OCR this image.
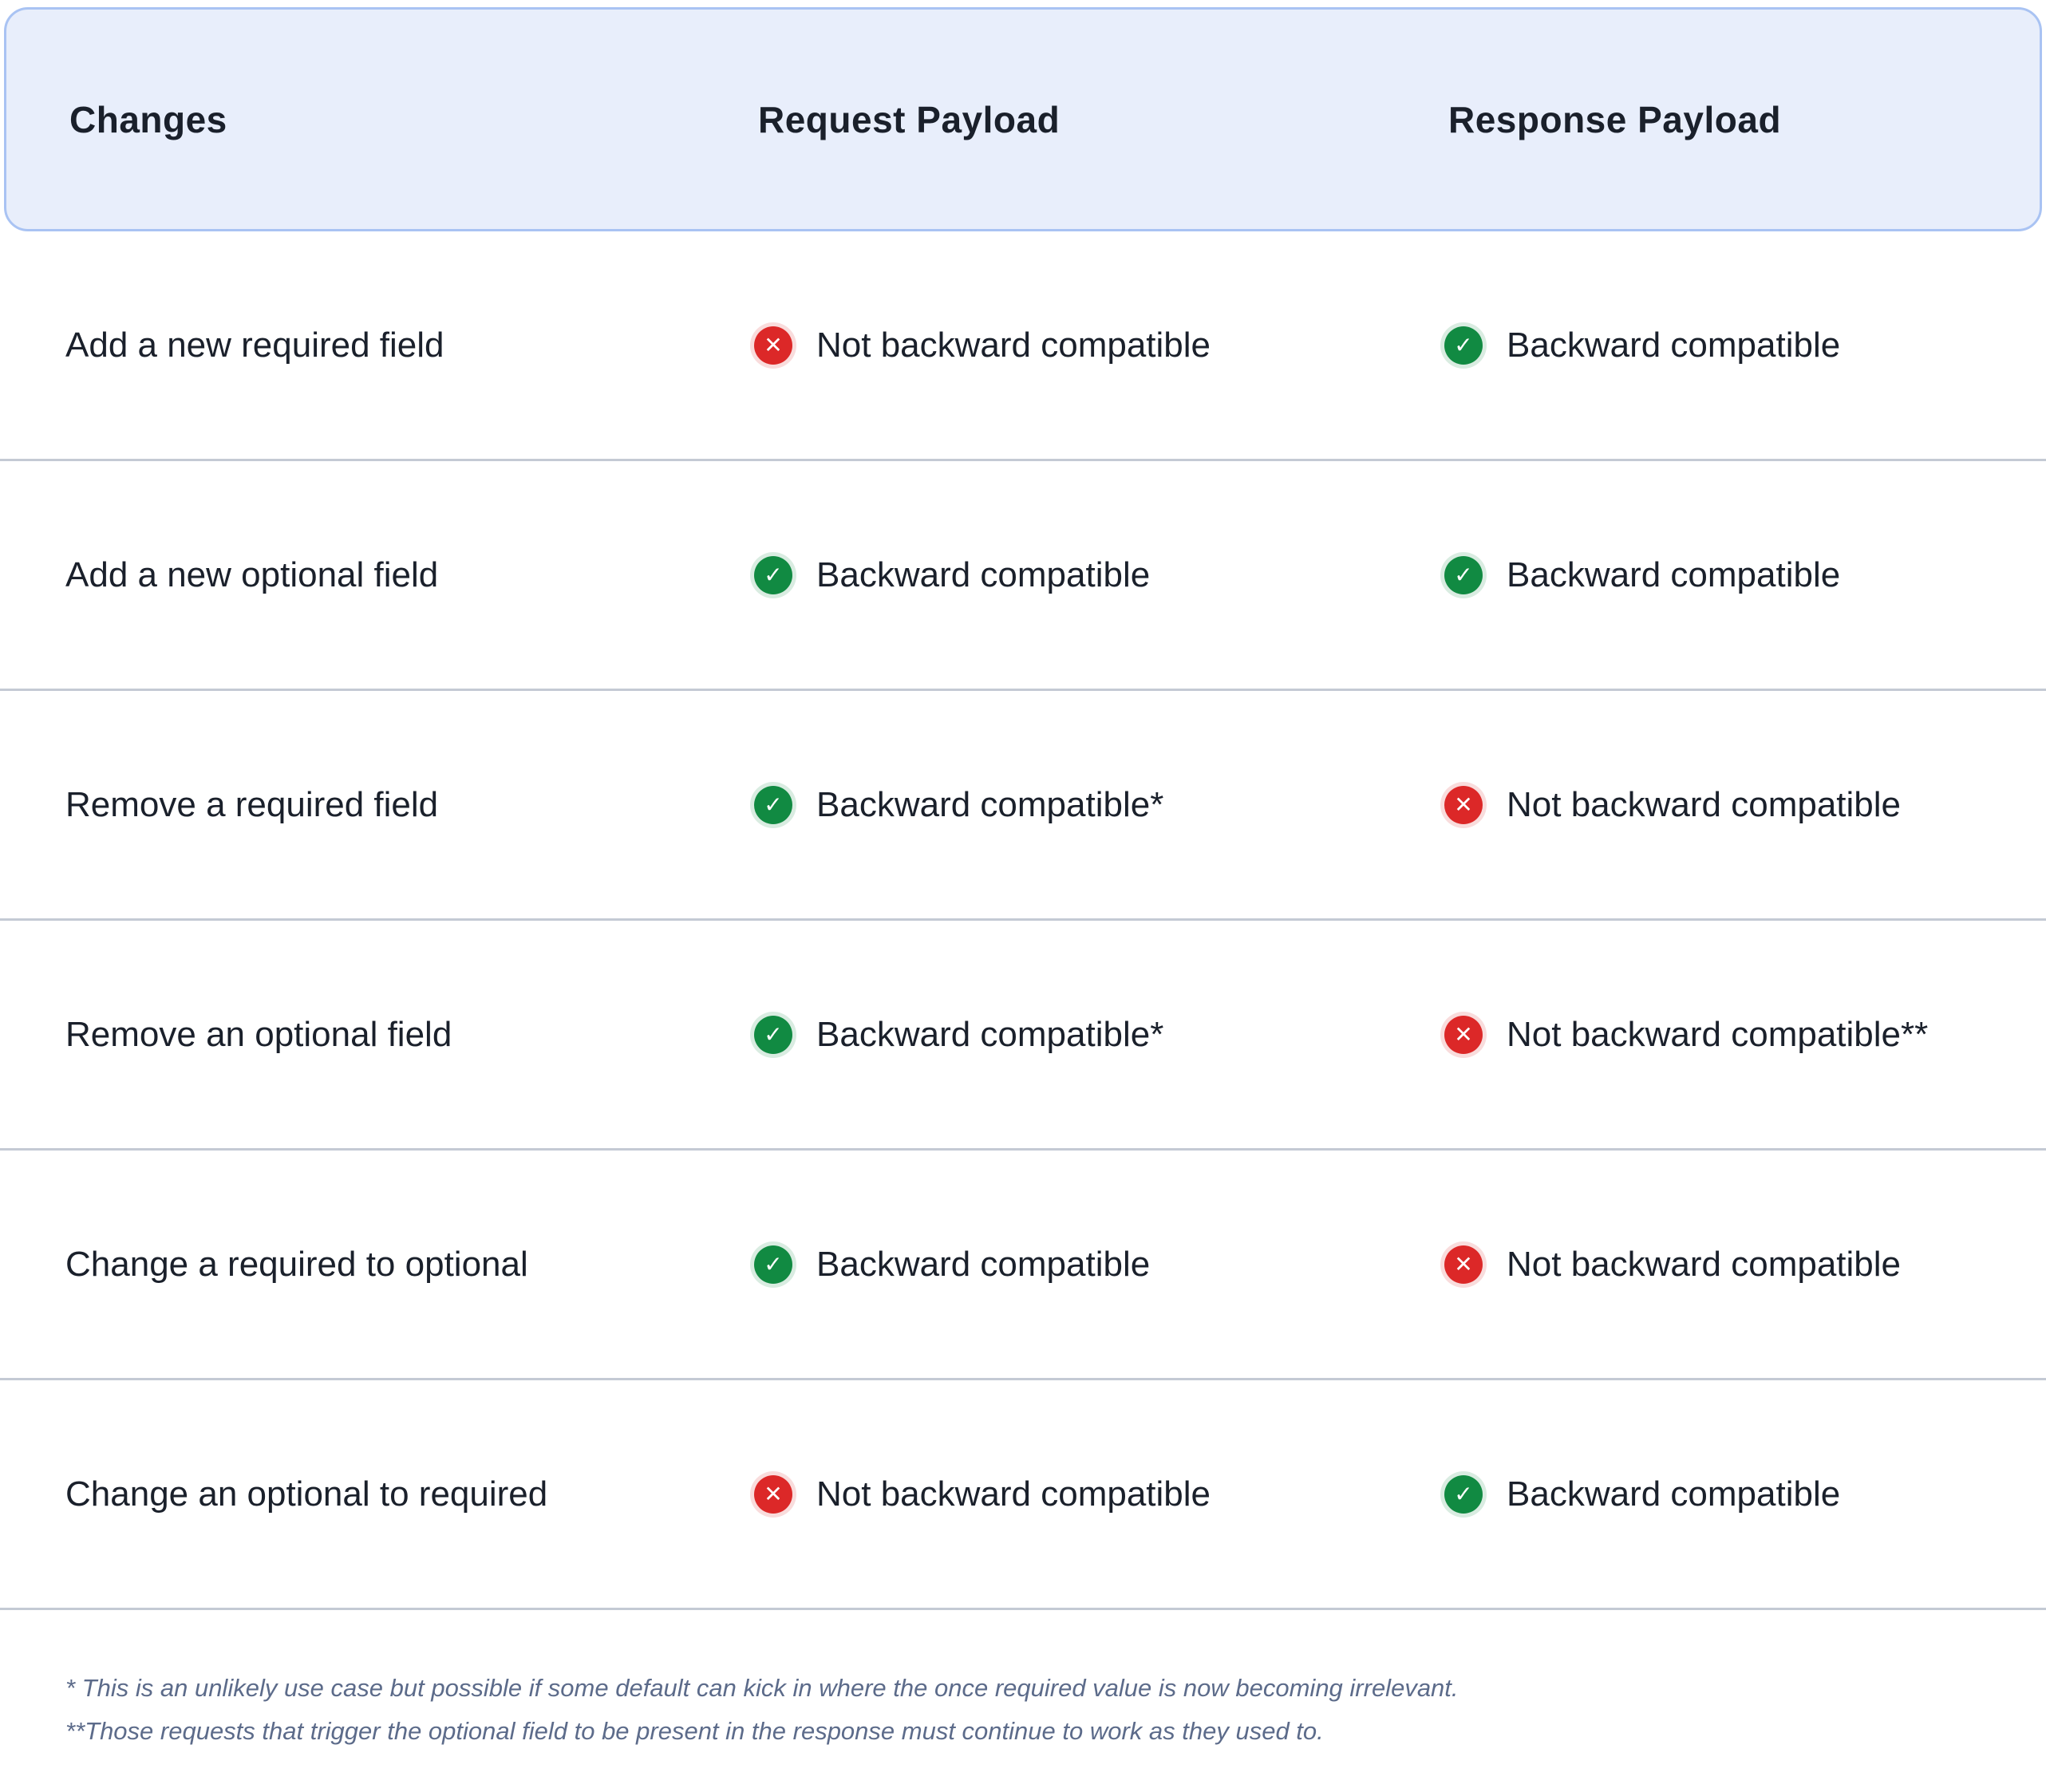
Changes	Request Payload	Response Payload
Add a new required field	✕ Not backward compatible	✓ Backward compatible
Add a new optional field	✓ Backward compatible	✓ Backward compatible
Remove a required field	✓ Backward compatible*	✕ Not backward compatible
Remove an optional field	✓ Backward compatible*	✕ Not backward compatible**
Change a required to optional	✓ Backward compatible	✕ Not backward compatible
Change an optional to required	✕ Not backward compatible	✓ Backward compatible

* This is an unlikely use case but possible if some default can kick in where the once required value is now becoming irrelevant.

**Those requests that trigger the optional field to be present in the response must continue to work as they used to.
